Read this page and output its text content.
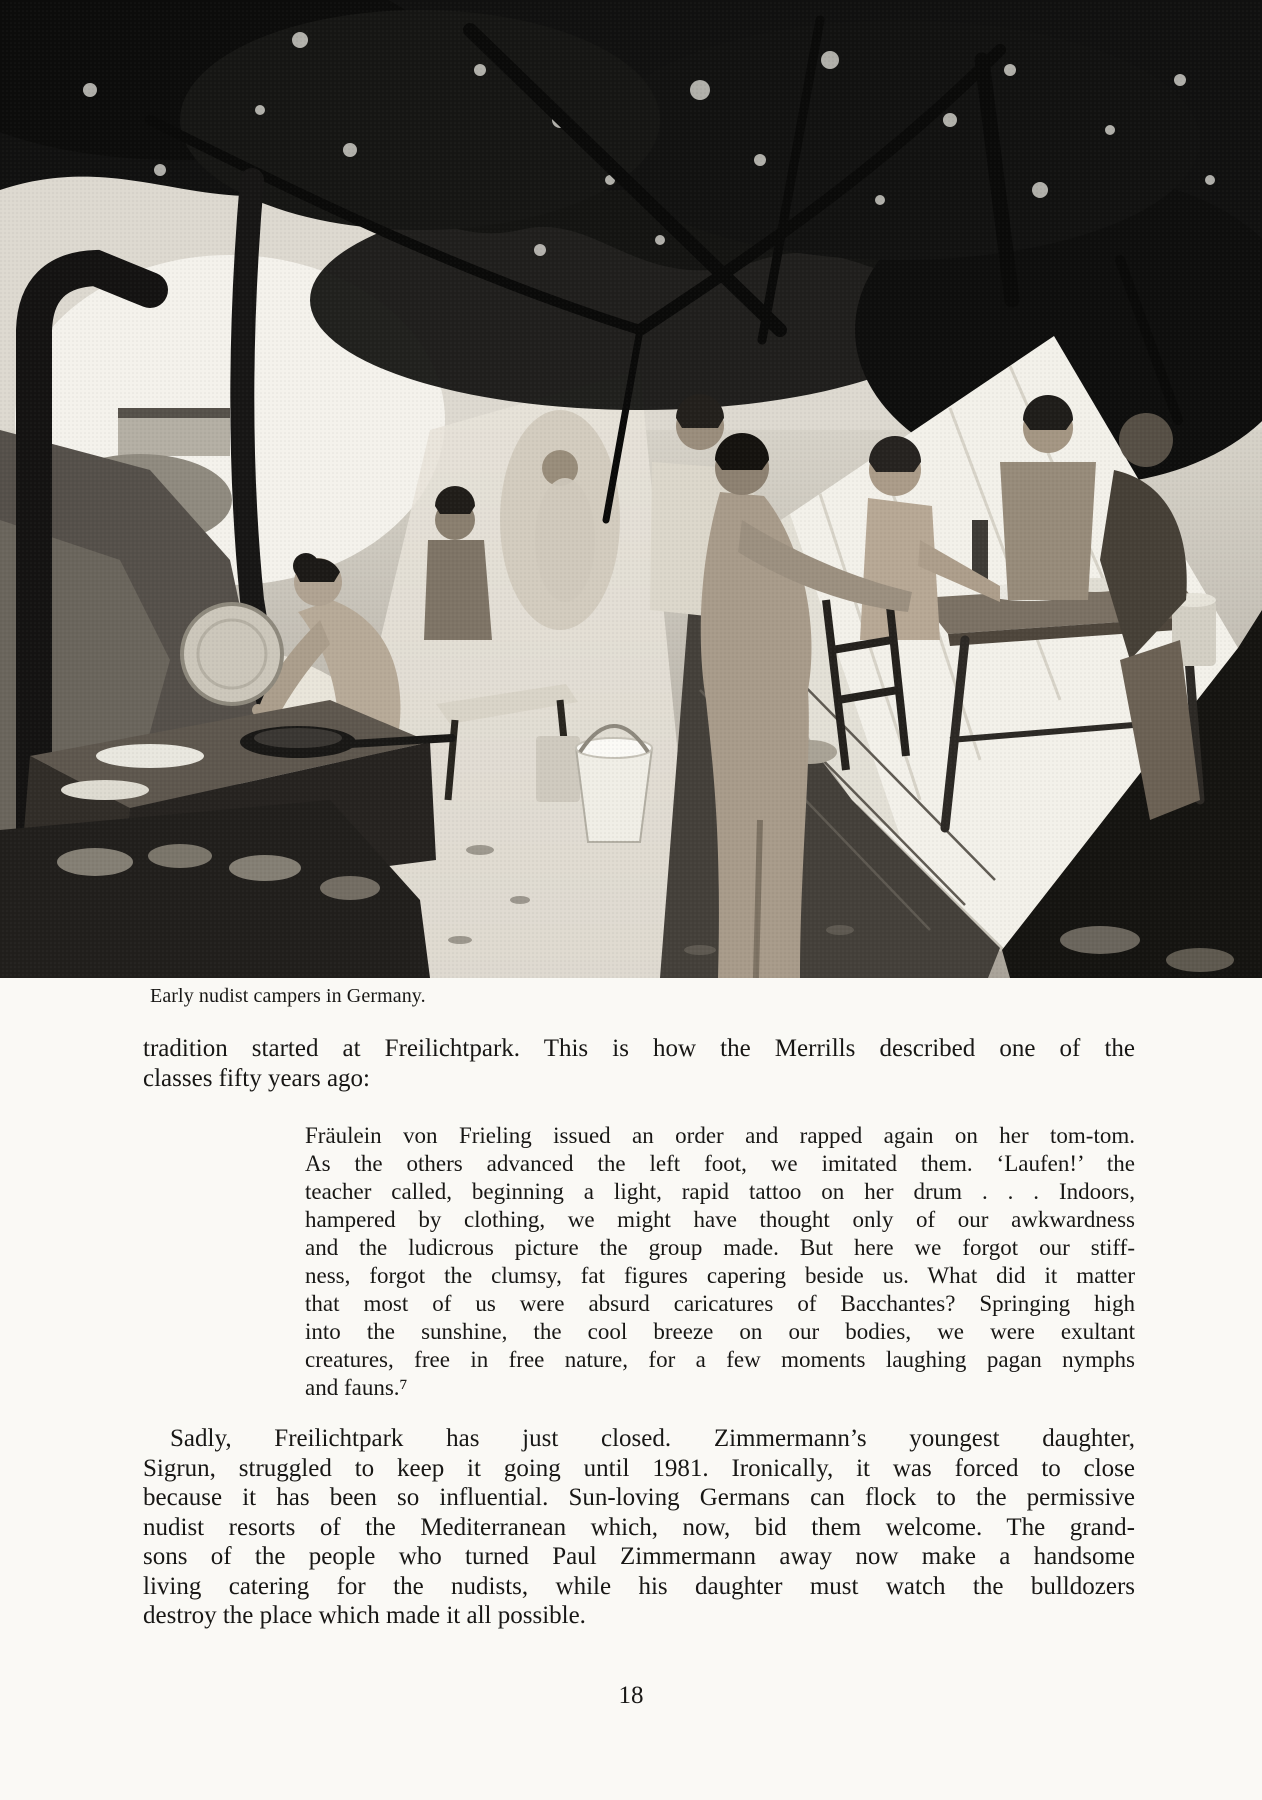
Early nudist campers in Germany.
tradition started at Freilichtpark. This is how the Merrills described one of the
classes fifty years ago:
Fräulein von Frieling issued an order and rapped again on her tom-tom.
As the others advanced the left foot, we imitated them. ‘Laufen!’ the
teacher called, beginning a light, rapid tattoo on her drum . . . Indoors,
hampered by clothing, we might have thought only of our awkwardness
and the ludicrous picture the group made. But here we forgot our stiff-
ness, forgot the clumsy, fat figures capering beside us. What did it matter
that most of us were absurd caricatures of Bacchantes? Springing high
into the sunshine, the cool breeze on our bodies, we were exultant
creatures, free in free nature, for a few moments laughing pagan nymphs
and fauns.⁷
Sadly, Freilichtpark has just closed. Zimmermann’s youngest daughter,
Sigrun, struggled to keep it going until 1981. Ironically, it was forced to close
because it has been so influential. Sun-loving Germans can flock to the permissive
nudist resorts of the Mediterranean which, now, bid them welcome. The grand-
sons of the people who turned Paul Zimmermann away now make a handsome
living catering for the nudists, while his daughter must watch the bulldozers
destroy the place which made it all possible.
18
